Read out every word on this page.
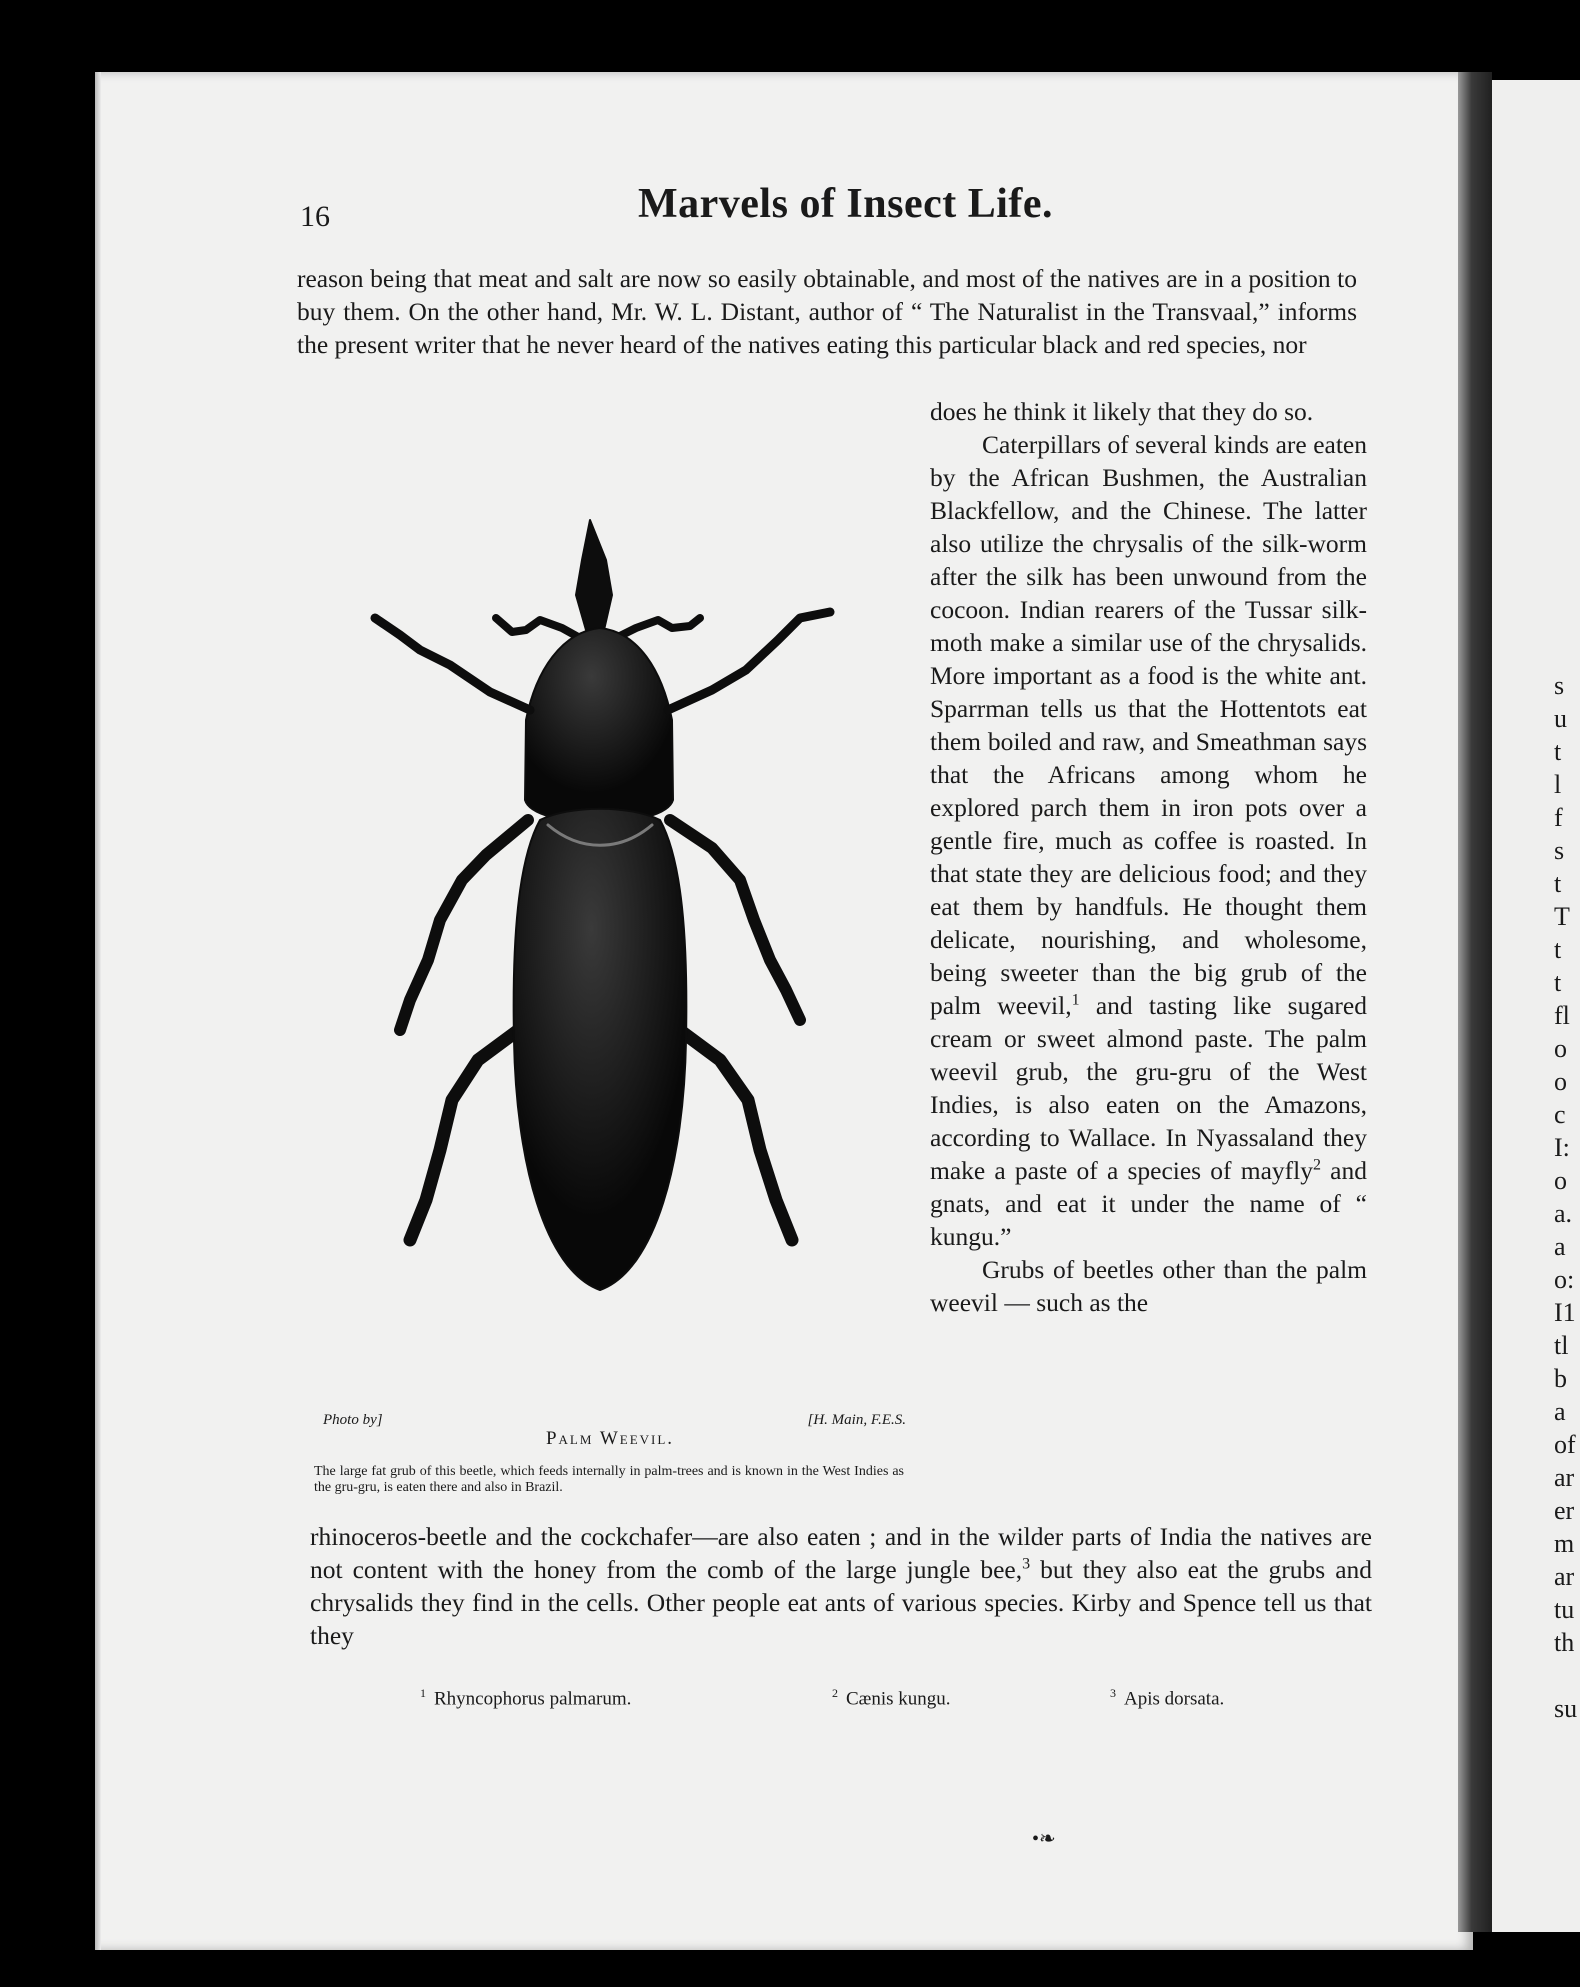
s
u
t
l
f
s
t
T
t
t
fl
o
o
c
I:
o
a.
a
o:
I1
tl
b
a
of
ar
er
m
ar
tu
th
su
16	Marvels of Insect Life.

reason being that meat and salt are now so easily obtainable, and most of the natives are in a position to buy them. On the other hand, Mr. W. L. Distant, author of “ The Naturalist in the Transvaal,” informs the present writer that he never heard of the natives eating this particular black and red species, nor

does he think it likely that they do so.

Caterpillars of several kinds are eaten by the African Bushmen, the Australian Blackfellow, and the Chinese. The latter also utilize the chrysalis of the silk-worm after the silk has been unwound from the cocoon. Indian rearers of the Tussar silk-moth make a similar use of the chrysalids. More important as a food is the white ant. Sparrman tells us that the Hottentots eat them boiled and raw, and Smeathman says that the Africans among whom he explored parch them in iron pots over a gentle fire, much as coffee is roasted. In that state they are delicious food; and they eat them by handfuls. He thought them delicate, nourishing, and wholesome, being sweeter than the big grub of the palm weevil,$^1$ and tasting like sugared cream or sweet almond paste. The palm weevil grub, the gru-gru of the West Indies, is also eaten on the Amazons, according to Wallace. In Nyassaland they make a paste of a species of mayfly$^2$ and gnats, and eat it under the name of “ kungu.”

Grubs of beetles other than the palm weevil — such as the

Photo by]	[H. Main, F.E.S.
Palm Weevil.
The large fat grub of this beetle, which feeds internally in palm-trees and is known in the West Indies as the gru-gru, is eaten there and also in Brazil.

rhinoceros-beetle and the cockchafer—are also eaten ; and in the wilder parts of India the natives are not content with the honey from the comb of the large jungle bee,$^3$ but they also eat the grubs and chrysalids they find in the cells. Other people eat ants of various species. Kirby and Spence tell us that they

$^1$ Rhyncophorus palmarum.	$^2$ Cænis kungu.	$^3$ Apis dorsata.
•❧
